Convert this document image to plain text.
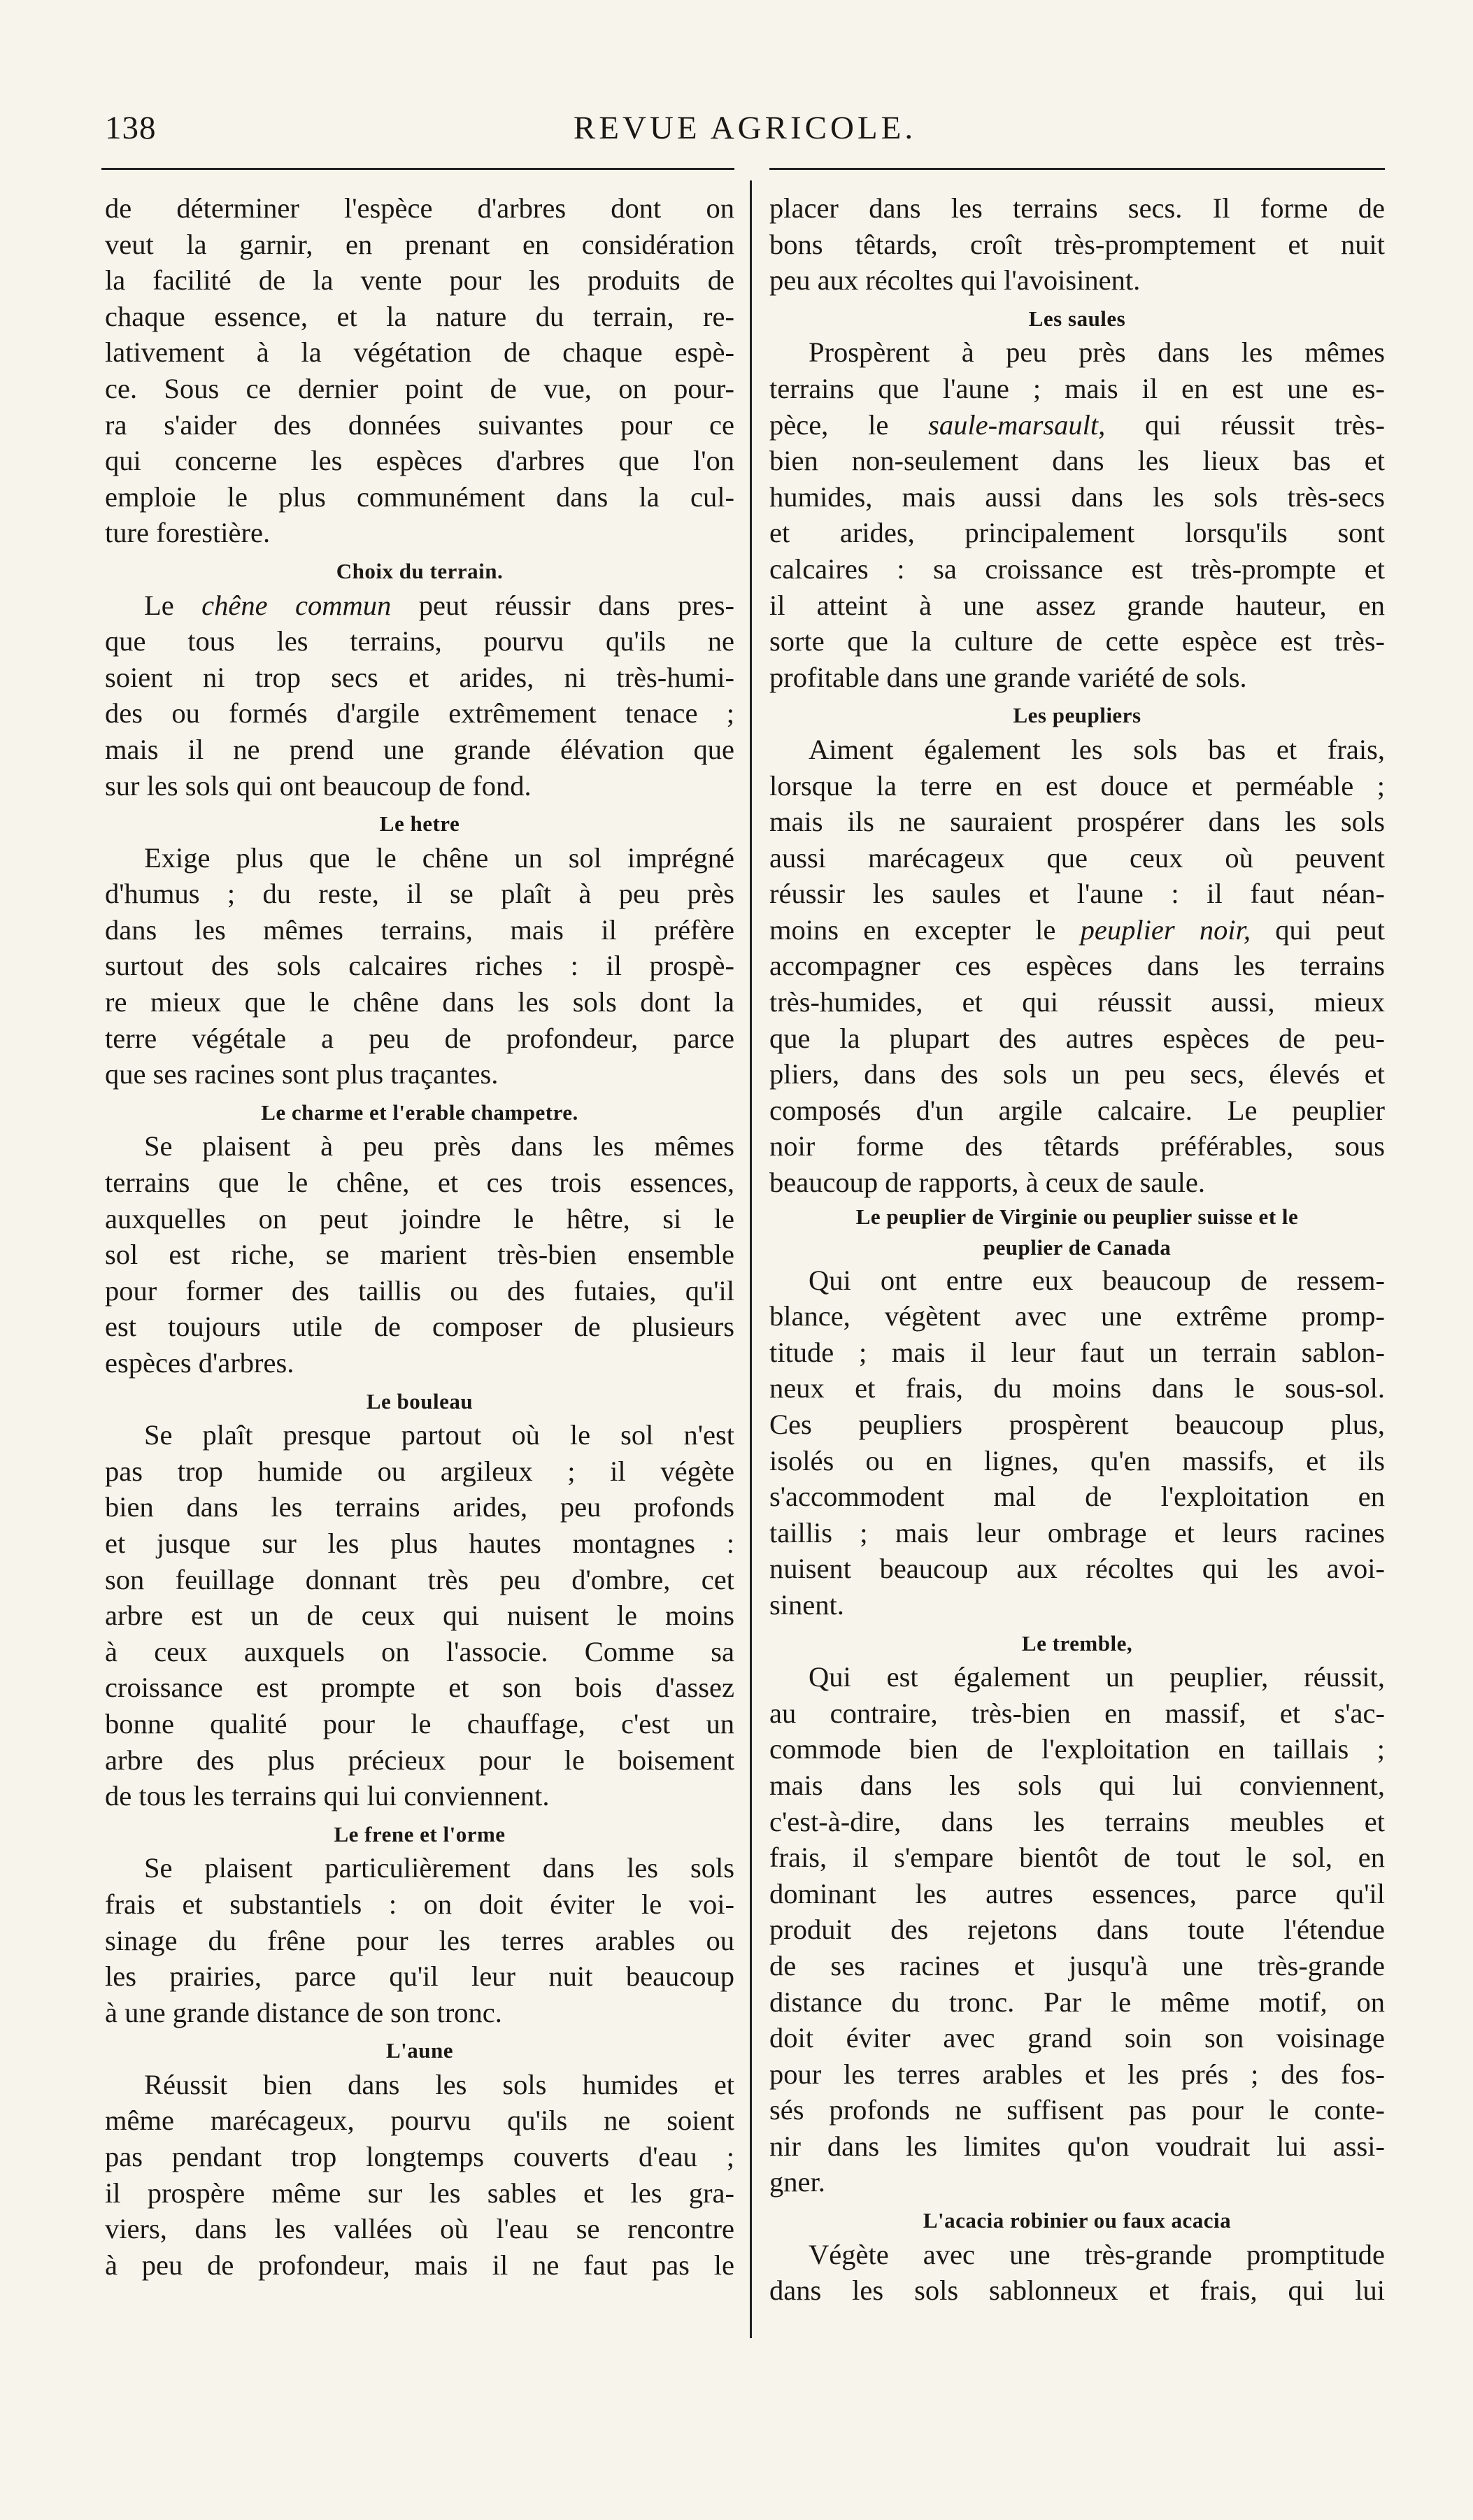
138	REVUE AGRICOLE.
de déterminer l'espèce d'arbres dont on
veut la garnir, en prenant en considération
la facilité de la vente pour les produits de
chaque essence, et la nature du terrain, re-
lativement à la végétation de chaque espè-
ce. Sous ce dernier point de vue, on pour-
ra s'aider des données suivantes pour ce
qui concerne les espèces d'arbres que l'on
emploie le plus communément dans la cul-
ture forestière.
Choix du terrain.
Le chêne commun peut réussir dans pres-
que tous les terrains, pourvu qu'ils ne
soient ni trop secs et arides, ni très-humi-
des ou formés d'argile extrêmement tenace ;
mais il ne prend une grande élévation que
sur les sols qui ont beaucoup de fond.
Le hetre
Exige plus que le chêne un sol imprégné
d'humus ; du reste, il se plaît à peu près
dans les mêmes terrains, mais il préfère
surtout des sols calcaires riches : il prospè-
re mieux que le chêne dans les sols dont la
terre végétale a peu de profondeur, parce
que ses racines sont plus traçantes.
Le charme et l'erable champetre.
Se plaisent à peu près dans les mêmes
terrains que le chêne, et ces trois essences,
auxquelles on peut joindre le hêtre, si le
sol est riche, se marient très-bien ensemble
pour former des taillis ou des futaies, qu'il
est toujours utile de composer de plusieurs
espèces d'arbres.
Le bouleau
Se plaît presque partout où le sol n'est
pas trop humide ou argileux ; il végète
bien dans les terrains arides, peu profonds
et jusque sur les plus hautes montagnes :
son feuillage donnant très peu d'ombre, cet
arbre est un de ceux qui nuisent le moins
à ceux auxquels on l'associe. Comme sa
croissance est prompte et son bois d'assez
bonne qualité pour le chauffage, c'est un
arbre des plus précieux pour le boisement
de tous les terrains qui lui conviennent.
Le frene et l'orme
Se plaisent particulièrement dans les sols
frais et substantiels : on doit éviter le voi-
sinage du frêne pour les terres arables ou
les prairies, parce qu'il leur nuit beaucoup
à une grande distance de son tronc.
L'aune
Réussit bien dans les sols humides et
même marécageux, pourvu qu'ils ne soient
pas pendant trop longtemps couverts d'eau ;
il prospère même sur les sables et les gra-
viers, dans les vallées où l'eau se rencontre
à peu de profondeur, mais il ne faut pas le
placer dans les terrains secs. Il forme de
bons têtards, croît très-promptement et nuit
peu aux récoltes qui l'avoisinent.
Les saules
Prospèrent à peu près dans les mêmes
terrains que l'aune ; mais il en est une es-
pèce, le saule-marsault, qui réussit très-
bien non-seulement dans les lieux bas et
humides, mais aussi dans les sols très-secs
et arides, principalement lorsqu'ils sont
calcaires : sa croissance est très-prompte et
il atteint à une assez grande hauteur, en
sorte que la culture de cette espèce est très-
profitable dans une grande variété de sols.
Les peupliers
Aiment également les sols bas et frais,
lorsque la terre en est douce et perméable ;
mais ils ne sauraient prospérer dans les sols
aussi marécageux que ceux où peuvent
réussir les saules et l'aune : il faut néan-
moins en excepter le peuplier noir, qui peut
accompagner ces espèces dans les terrains
très-humides, et qui réussit aussi, mieux
que la plupart des autres espèces de peu-
pliers, dans des sols un peu secs, élevés et
composés d'un argile calcaire. Le peuplier
noir forme des têtards préférables, sous
beaucoup de rapports, à ceux de saule.
Le peuplier de Virginie ou peuplier suisse et le
peuplier de Canada
Qui ont entre eux beaucoup de ressem-
blance, végètent avec une extrême promp-
titude ; mais il leur faut un terrain sablon-
neux et frais, du moins dans le sous-sol.
Ces peupliers prospèrent beaucoup plus,
isolés ou en lignes, qu'en massifs, et ils
s'accommodent mal de l'exploitation en
taillis ; mais leur ombrage et leurs racines
nuisent beaucoup aux récoltes qui les avoi-
sinent.
Le tremble,
Qui est également un peuplier, réussit,
au contraire, très-bien en massif, et s'ac-
commode bien de l'exploitation en taillais ;
mais dans les sols qui lui conviennent,
c'est-à-dire, dans les terrains meubles et
frais, il s'empare bientôt de tout le sol, en
dominant les autres essences, parce qu'il
produit des rejetons dans toute l'étendue
de ses racines et jusqu'à une très-grande
distance du tronc. Par le même motif, on
doit éviter avec grand soin son voisinage
pour les terres arables et les prés ; des fos-
sés profonds ne suffisent pas pour le conte-
nir dans les limites qu'on voudrait lui assi-
gner.
L'acacia robinier ou faux acacia
Végète avec une très-grande promptitude
dans les sols sablonneux et frais, qui lui
